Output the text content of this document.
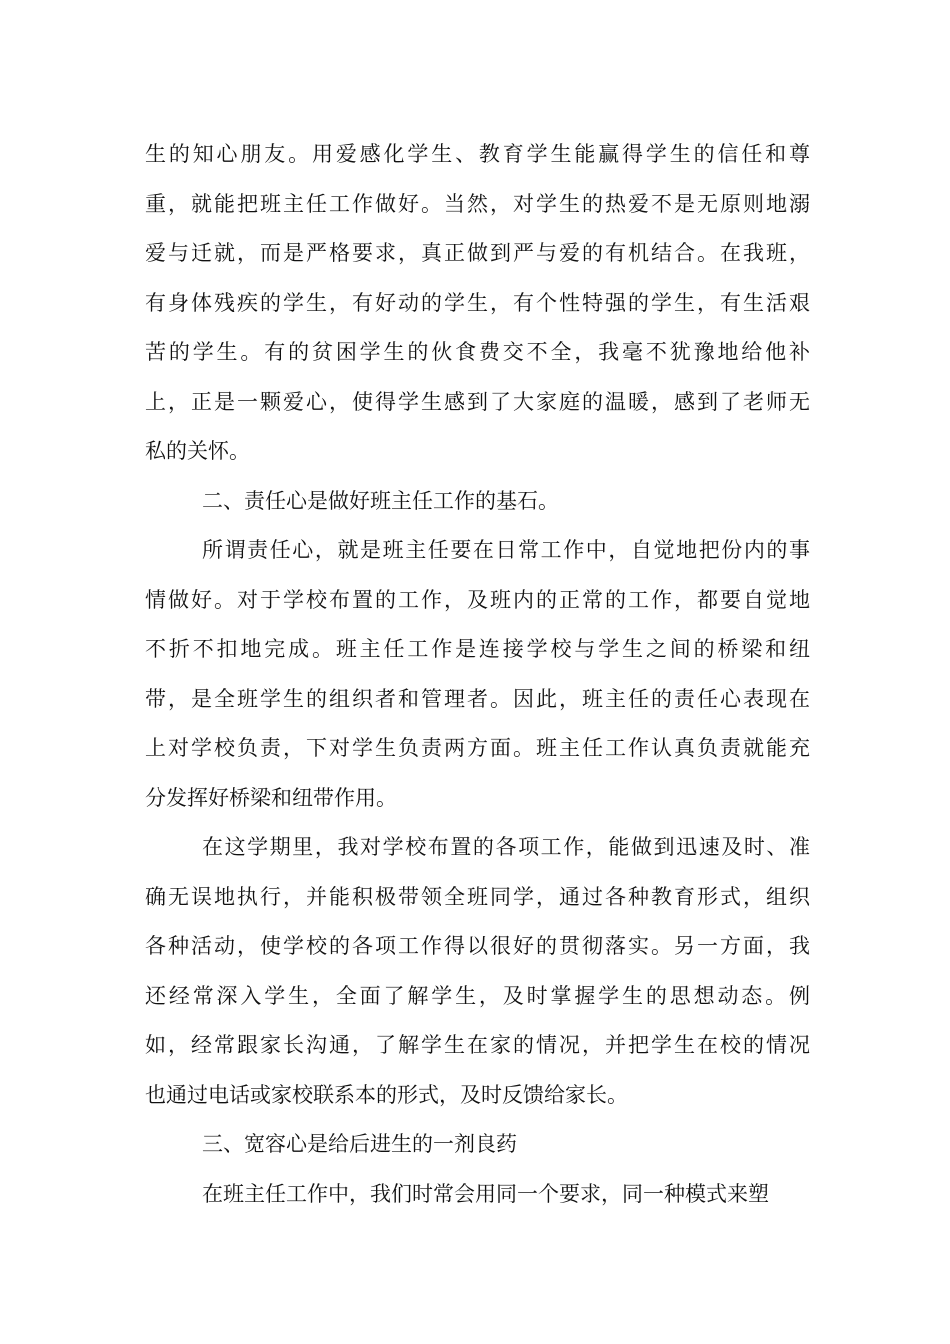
生的知心朋友。用爱感化学生、教育学生能赢得学生的信任和尊
重，就能把班主任工作做好。当然，对学生的热爱不是无原则地溺
爱与迁就，而是严格要求，真正做到严与爱的有机结合。在我班，
有身体残疾的学生，有好动的学生，有个性特强的学生，有生活艰
苦的学生。有的贫困学生的伙食费交不全，我毫不犹豫地给他补
上，正是一颗爱心，使得学生感到了大家庭的温暖，感到了老师无
私的关怀。
二、责任心是做好班主任工作的基石。
所谓责任心，就是班主任要在日常工作中，自觉地把份内的事
情做好。对于学校布置的工作，及班内的正常的工作，都要自觉地
不折不扣地完成。班主任工作是连接学校与学生之间的桥梁和纽
带，是全班学生的组织者和管理者。因此，班主任的责任心表现在
上对学校负责，下对学生负责两方面。班主任工作认真负责就能充
分发挥好桥梁和纽带作用。
在这学期里，我对学校布置的各项工作，能做到迅速及时、准
确无误地执行，并能积极带领全班同学，通过各种教育形式，组织
各种活动，使学校的各项工作得以很好的贯彻落实。另一方面，我
还经常深入学生，全面了解学生，及时掌握学生的思想动态。例
如，经常跟家长沟通，了解学生在家的情况，并把学生在校的情况
也通过电话或家校联系本的形式，及时反馈给家长。
三、宽容心是给后进生的一剂良药
在班主任工作中，我们时常会用同一个要求，同一种模式来塑
